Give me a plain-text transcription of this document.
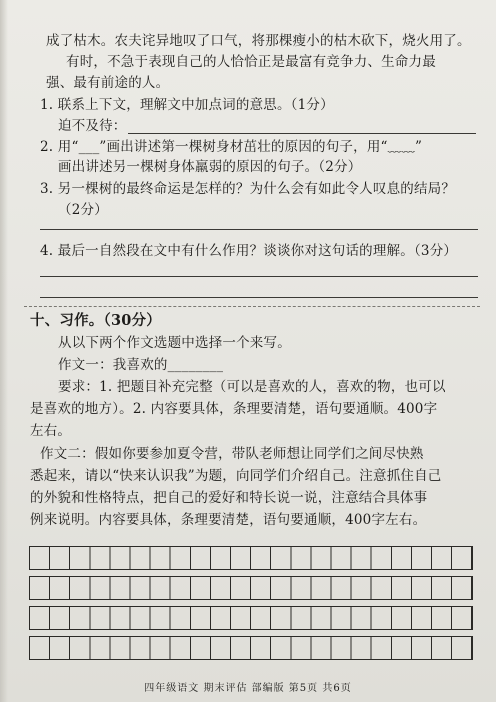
成了枯木。农夫诧异地叹了口气，将那棵瘦小的枯木砍下，烧火用了。
有时，不急于表现自己的人恰恰正是最富有竞争力、生命力最
强、最有前途的人。
1. 联系上下文，理解文中加点词的意思。（1分）
迫不及待：
2. 用“___”画出讲述第一棵树身材茁壮的原因的句子，用“﹏﹏”
画出讲述另一棵树身体羸弱的原因的句子。（2分）
3. 另一棵树的最终命运是怎样的？为什么会有如此令人叹息的结局？
（2分）
4. 最后一自然段在文中有什么作用？谈谈你对这句话的理解。（3分）
十、习作。（30分）
从以下两个作文选题中选择一个来写。
作文一：我喜欢的________
要求：1. 把题目补充完整（可以是喜欢的人，喜欢的物，也可以
是喜欢的地方）。2. 内容要具体，条理要清楚，语句要通顺。400字
左右。
作文二：假如你要参加夏令营，带队老师想让同学们之间尽快熟
悉起来，请以“快来认识我”为题，向同学们介绍自己。注意抓住自己
的外貌和性格特点，把自己的爱好和特长说一说，注意结合具体事
例来说明。内容要具体，条理要清楚，语句要通顺，400字左右。
四年级语文 期末评估 部编版 第5页 共6页
